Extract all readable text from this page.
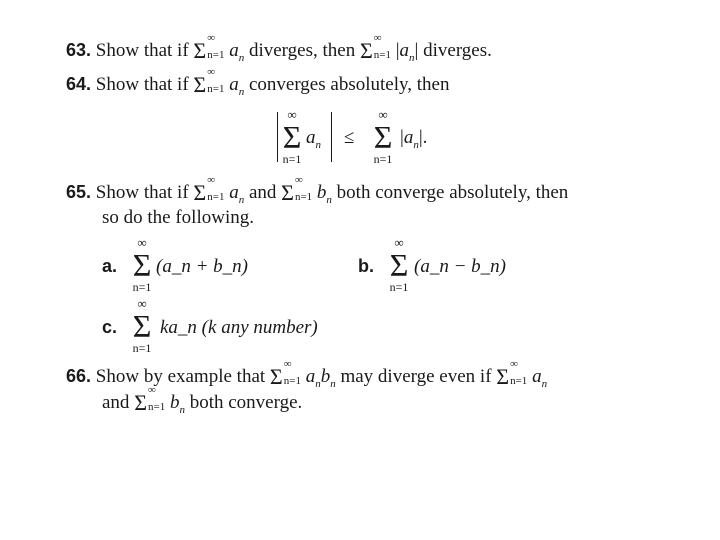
63. Show that if Σ ∞
n=1 $a_n$ diverges, then Σ ∞
n=1 $|a_n|$ diverges.
64. Show that if Σ ∞
n=1 $a_n$ converges absolutely, then
∞
Σ
n=1
$a_n$ ≤
∞
Σ
n=1
$|a_n|$.
65. Show that if Σ ∞
n=1 $a_n$ and Σ ∞
n=1 $b_n$ both converge absolutely, then
so do the following.
a.
∞
Σ
n=1
(a_n + b_n)	b.
∞
Σ
n=1
(a_n − b_n)
c.
∞
Σ
n=1
ka_n (k any number)
66. Show by example that Σ ∞
n=1 $a_nb_n$ may diverge even if Σ ∞
n=1 $a_n$
and Σ ∞
n=1 $b_n$ both converge.
